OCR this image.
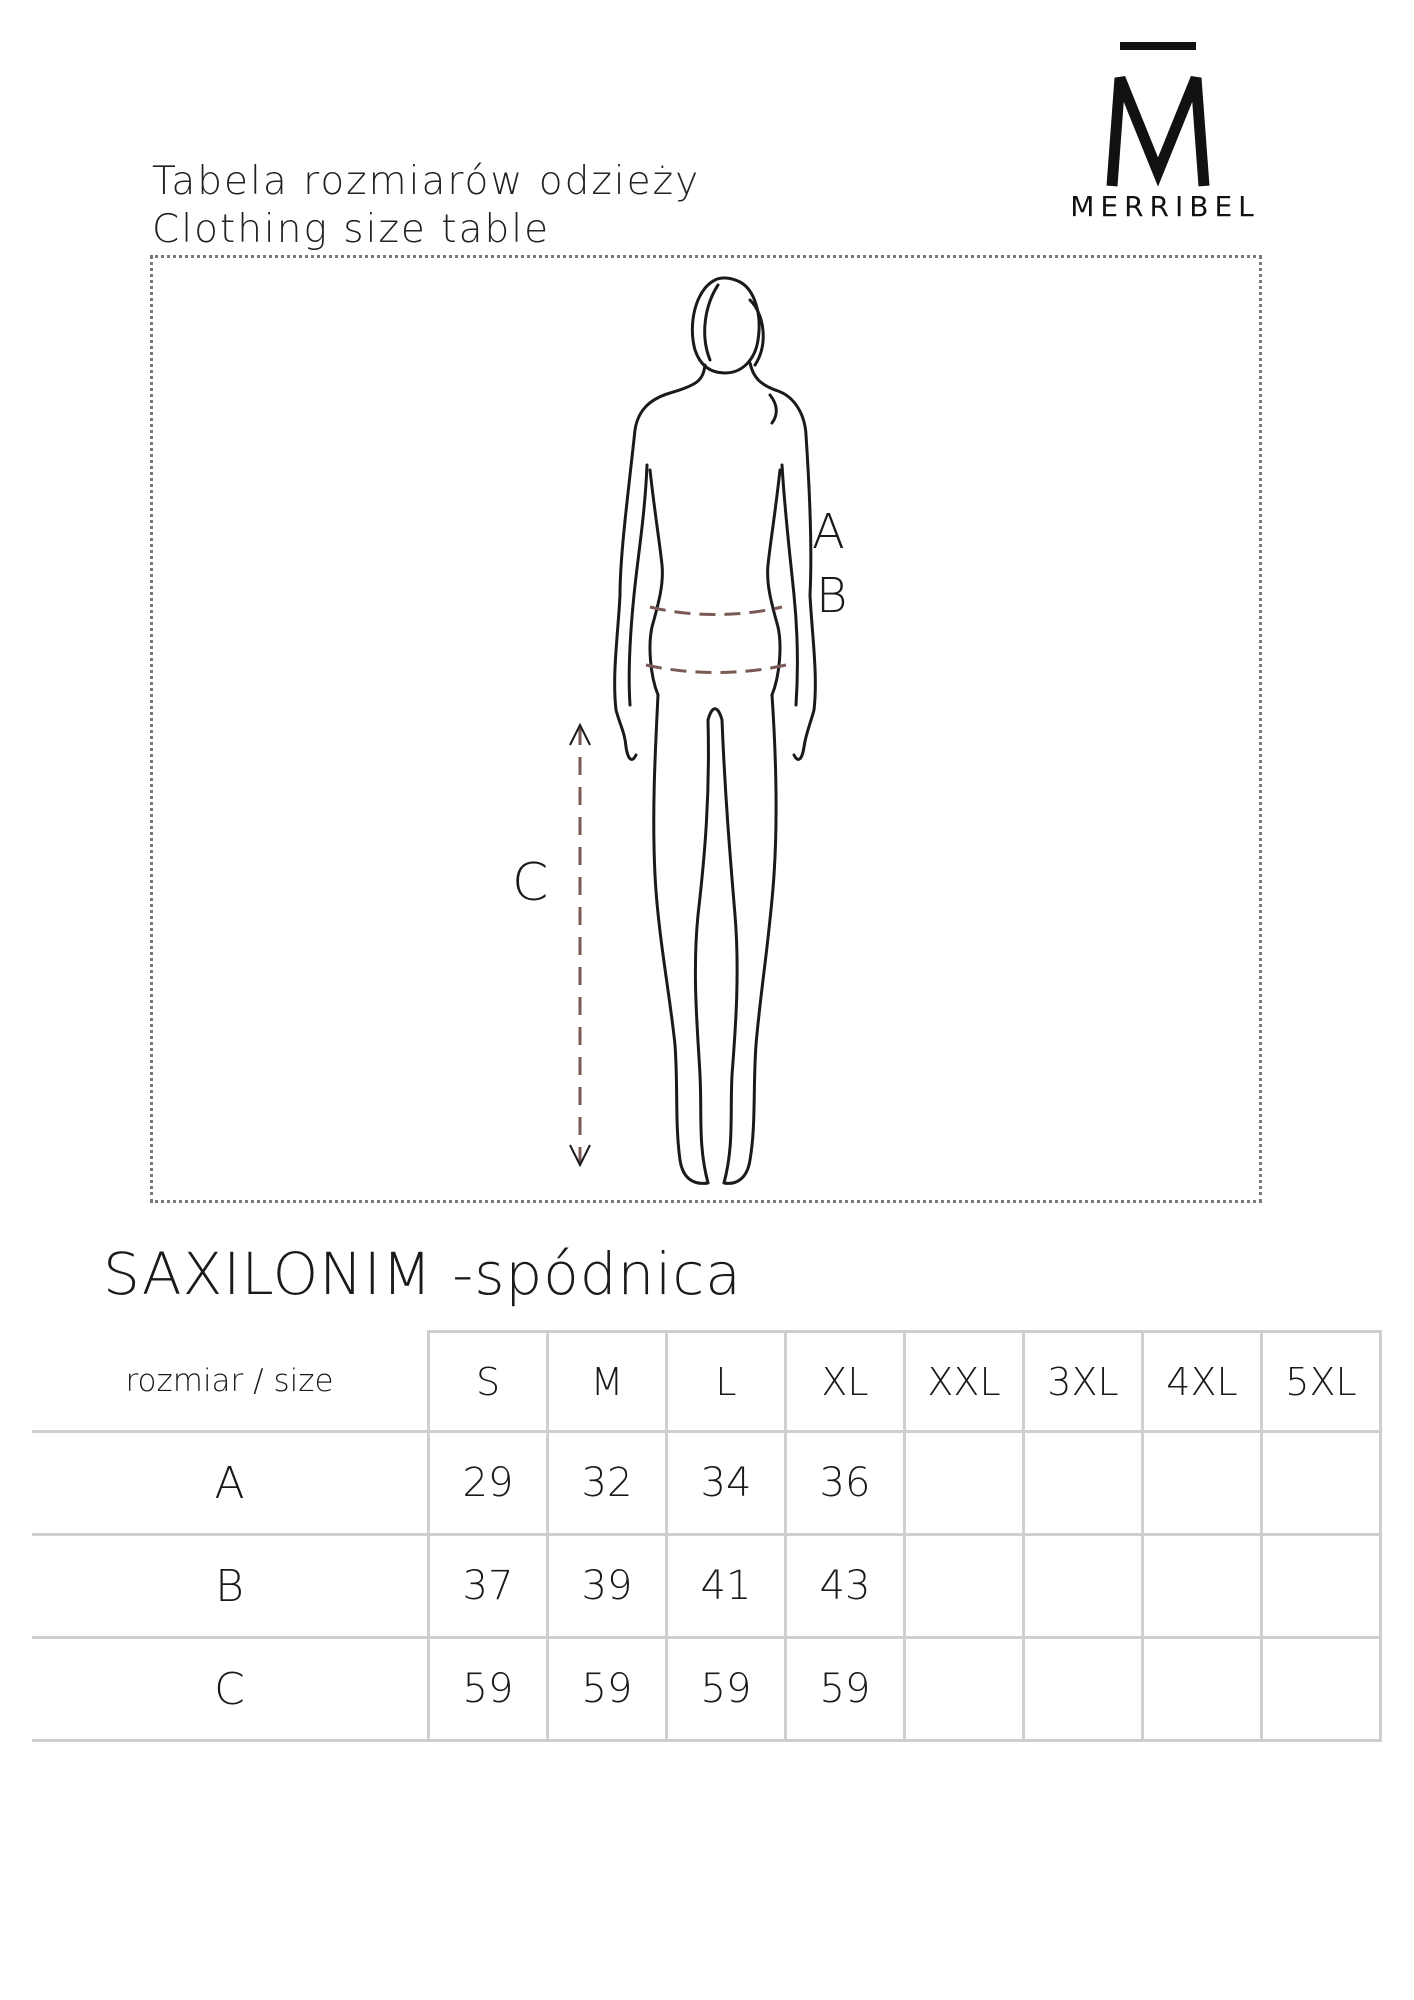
Tabela rozmiarów odzieży
Clothing size table
MERRIBEL
A
B
C
SAXILONIM -spódnica
rozmiar / size	S	M	L	XL	XXL	3XL	4XL	5XL
A	29	32	34	36				
B	37	39	41	43				
C	59	59	59	59				
